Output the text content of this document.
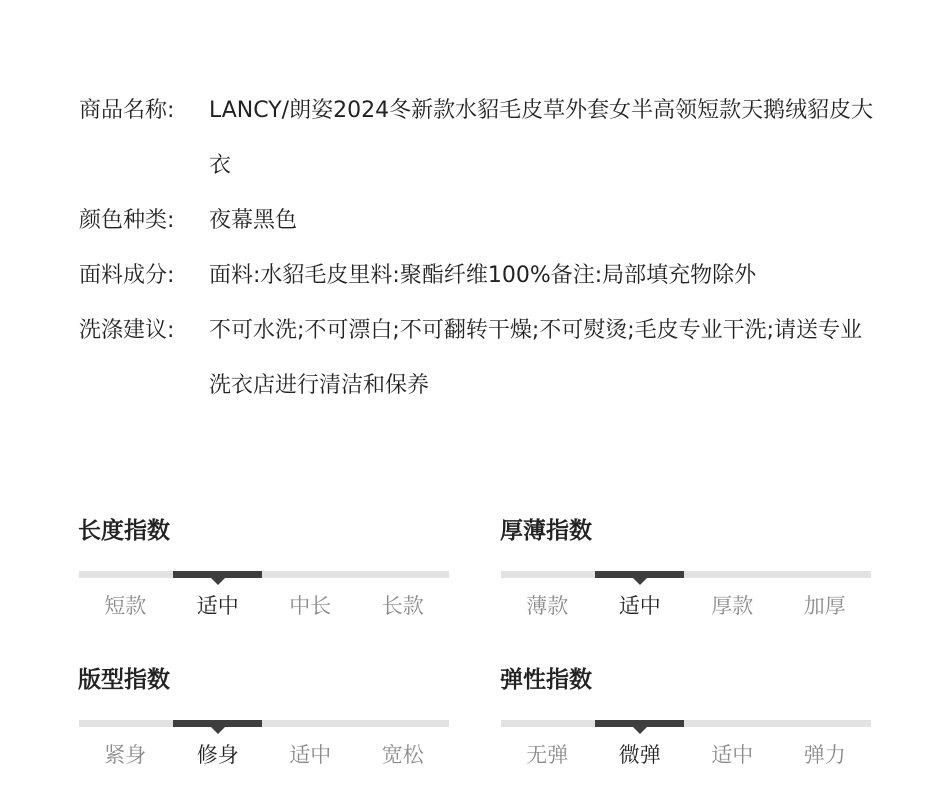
商品名称:	LANCY/朗姿2024冬新款水貂毛皮草外套女半高领短款天鹅绒貂皮大衣
颜色种类:	夜幕黑色
面料成分:	面料:水貂毛皮里料:聚酯纤维100%备注:局部填充物除外
洗涤建议:	不可水洗;不可漂白;不可翻转干燥;不可熨烫;毛皮专业干洗;请送专业洗衣店进行清洁和保养
长度指数
短款	适中	中长	长款
厚薄指数
薄款	适中	厚款	加厚
版型指数
紧身	修身	适中	宽松
弹性指数
无弹	微弹	适中	弹力
